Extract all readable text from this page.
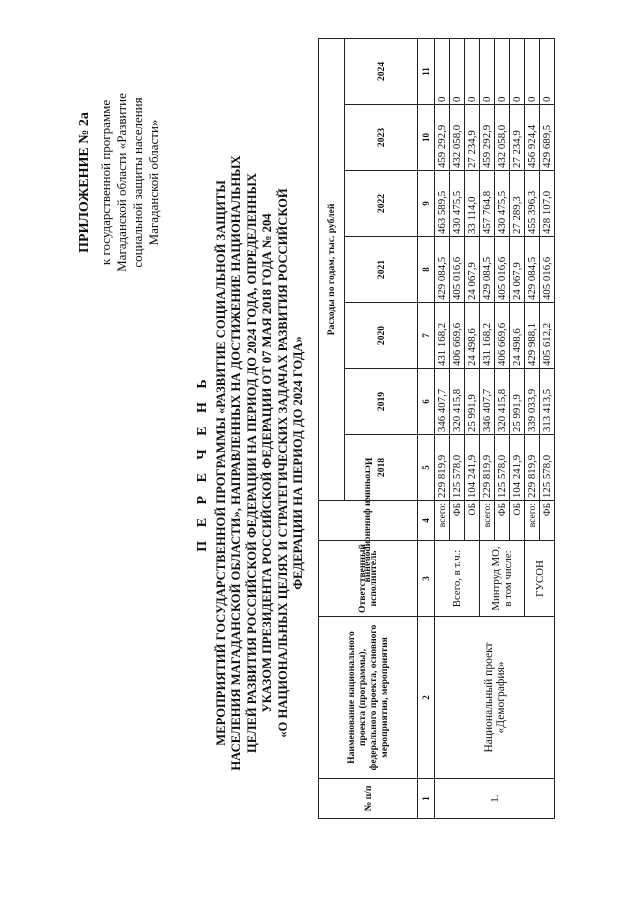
ПРИЛОЖЕНИЕ № 2а к государственной программе Магаданской области «Развитие социальной защиты населения Магаданской области»
П Е Р Е Ч Е Н Ь МЕРОПРИЯТИЙ ГОСУДАРСТВЕННОЙ ПРОГРАММЫ «РАЗВИТИЕ СОЦИАЛЬНОЙ ЗАЩИТЫ НАСЕЛЕНИЯ МАГАДАНСКОЙ ОБЛАСТИ», НАПРАВЛЕННЫХ НА ДОСТИЖЕНИЕ НАЦИОНАЛЬНЫХ ЦЕЛЕЙ РАЗВИТИЯ РОССИЙСКОЙ ФЕДЕРАЦИИ НА ПЕРИОД ДО 2024 ГОДА, ОПРЕДЕЛЕННЫХ УКАЗОМ ПРЕЗИДЕНТА РОССИЙСКОЙ ФЕДЕРАЦИИ ОТ 07 МАЯ 2018 ГОДА № 204 «О НАЦИОНАЛЬНЫХ ЦЕЛЯХ И СТРАТЕГИЧЕСКИХ ЗАДАЧАХ РАЗВИТИЯ РОССИЙСКОЙ ФЕДЕРАЦИИ НА ПЕРИОД ДО 2024 ГОДА»
№ п/п	Наименование национального проекта (программы), федерального проекта, основного мероприятия, мероприятия	Ответственный исполнитель	Источники финансирования	Расходы по годам, тыс. рублей						
				2018	2019	2020	2021	2022	2023	2024
1	2	3	4	5	6	7	8	9	10	11
1.	Национальный проект «Демография»	Всего, в т.ч.:	всего:	229 819,9	346 407,7	431 168,2	429 084,5	463 589,5	459 292,9	0
			ФБ	125 578,0	320 415,8	406 669,6	405 016,6	430 475,5	432 058,0	0
			ОБ	104 241,9	25 991,9	24 498,6	24 067,9	33 114,0	27 234,9	0
		Минтруд МО, в том числе:	всего:	229 819,9	346 407,7	431 168,2	429 084,5	457 764,8	459 292,9	0
			ФБ	125 578,0	320 415,8	406 669,6	405 016,6	430 475,5	432 058,0	0
			ОБ	104 241,9	25 991,9	24 498,6	24 067,9	27 289,3	27 234,9	0
		ГУСОН	всего:	229 819,9	339 033,9	429 988,1	429 084,5	455 396,3	456 924,4	0
			ФБ	125 578,0	313 413,5	405 612,2	405 016,6	428 107,0	429 689,5	0
